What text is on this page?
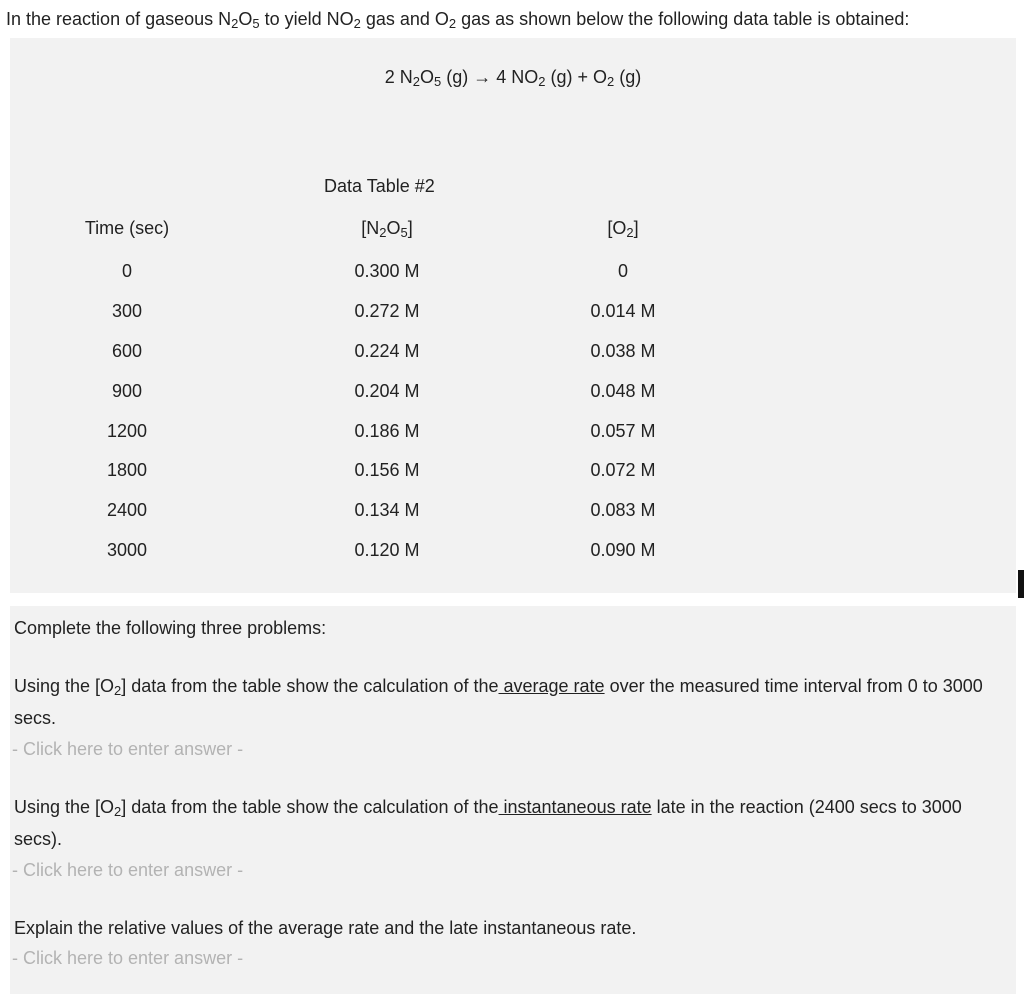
In the reaction of gaseous $N_2O_5$ to yield $NO_2$ gas and $O_2$ gas as shown below the following data table is obtained:
2 $N_2O_5$ (g) → 4 $NO_2$ $(g) + O_2$ (g)
Data Table #2
Time (sec)	$[N_2O_5]$	$[O_2]$
0	0.300 M	0
300	0.272 M	0.014 M
600	0.224 M	0.038 M
900	0.204 M	0.048 M
1200	0.186 M	0.057 M
1800	0.156 M	0.072 M
2400	0.134 M	0.083 M
3000	0.120 M	0.090 M
Complete the following three problems:
Using the $[O_2]$ data from the table show the calculation of the average rate over the measured time interval from 0 to 3000 secs.
- Click here to enter answer -
Using the $[O_2]$ data from the table show the calculation of the instantaneous rate late in the reaction (2400 secs to 3000 secs).
- Click here to enter answer -
Explain the relative values of the average rate and the late instantaneous rate.
- Click here to enter answer -
